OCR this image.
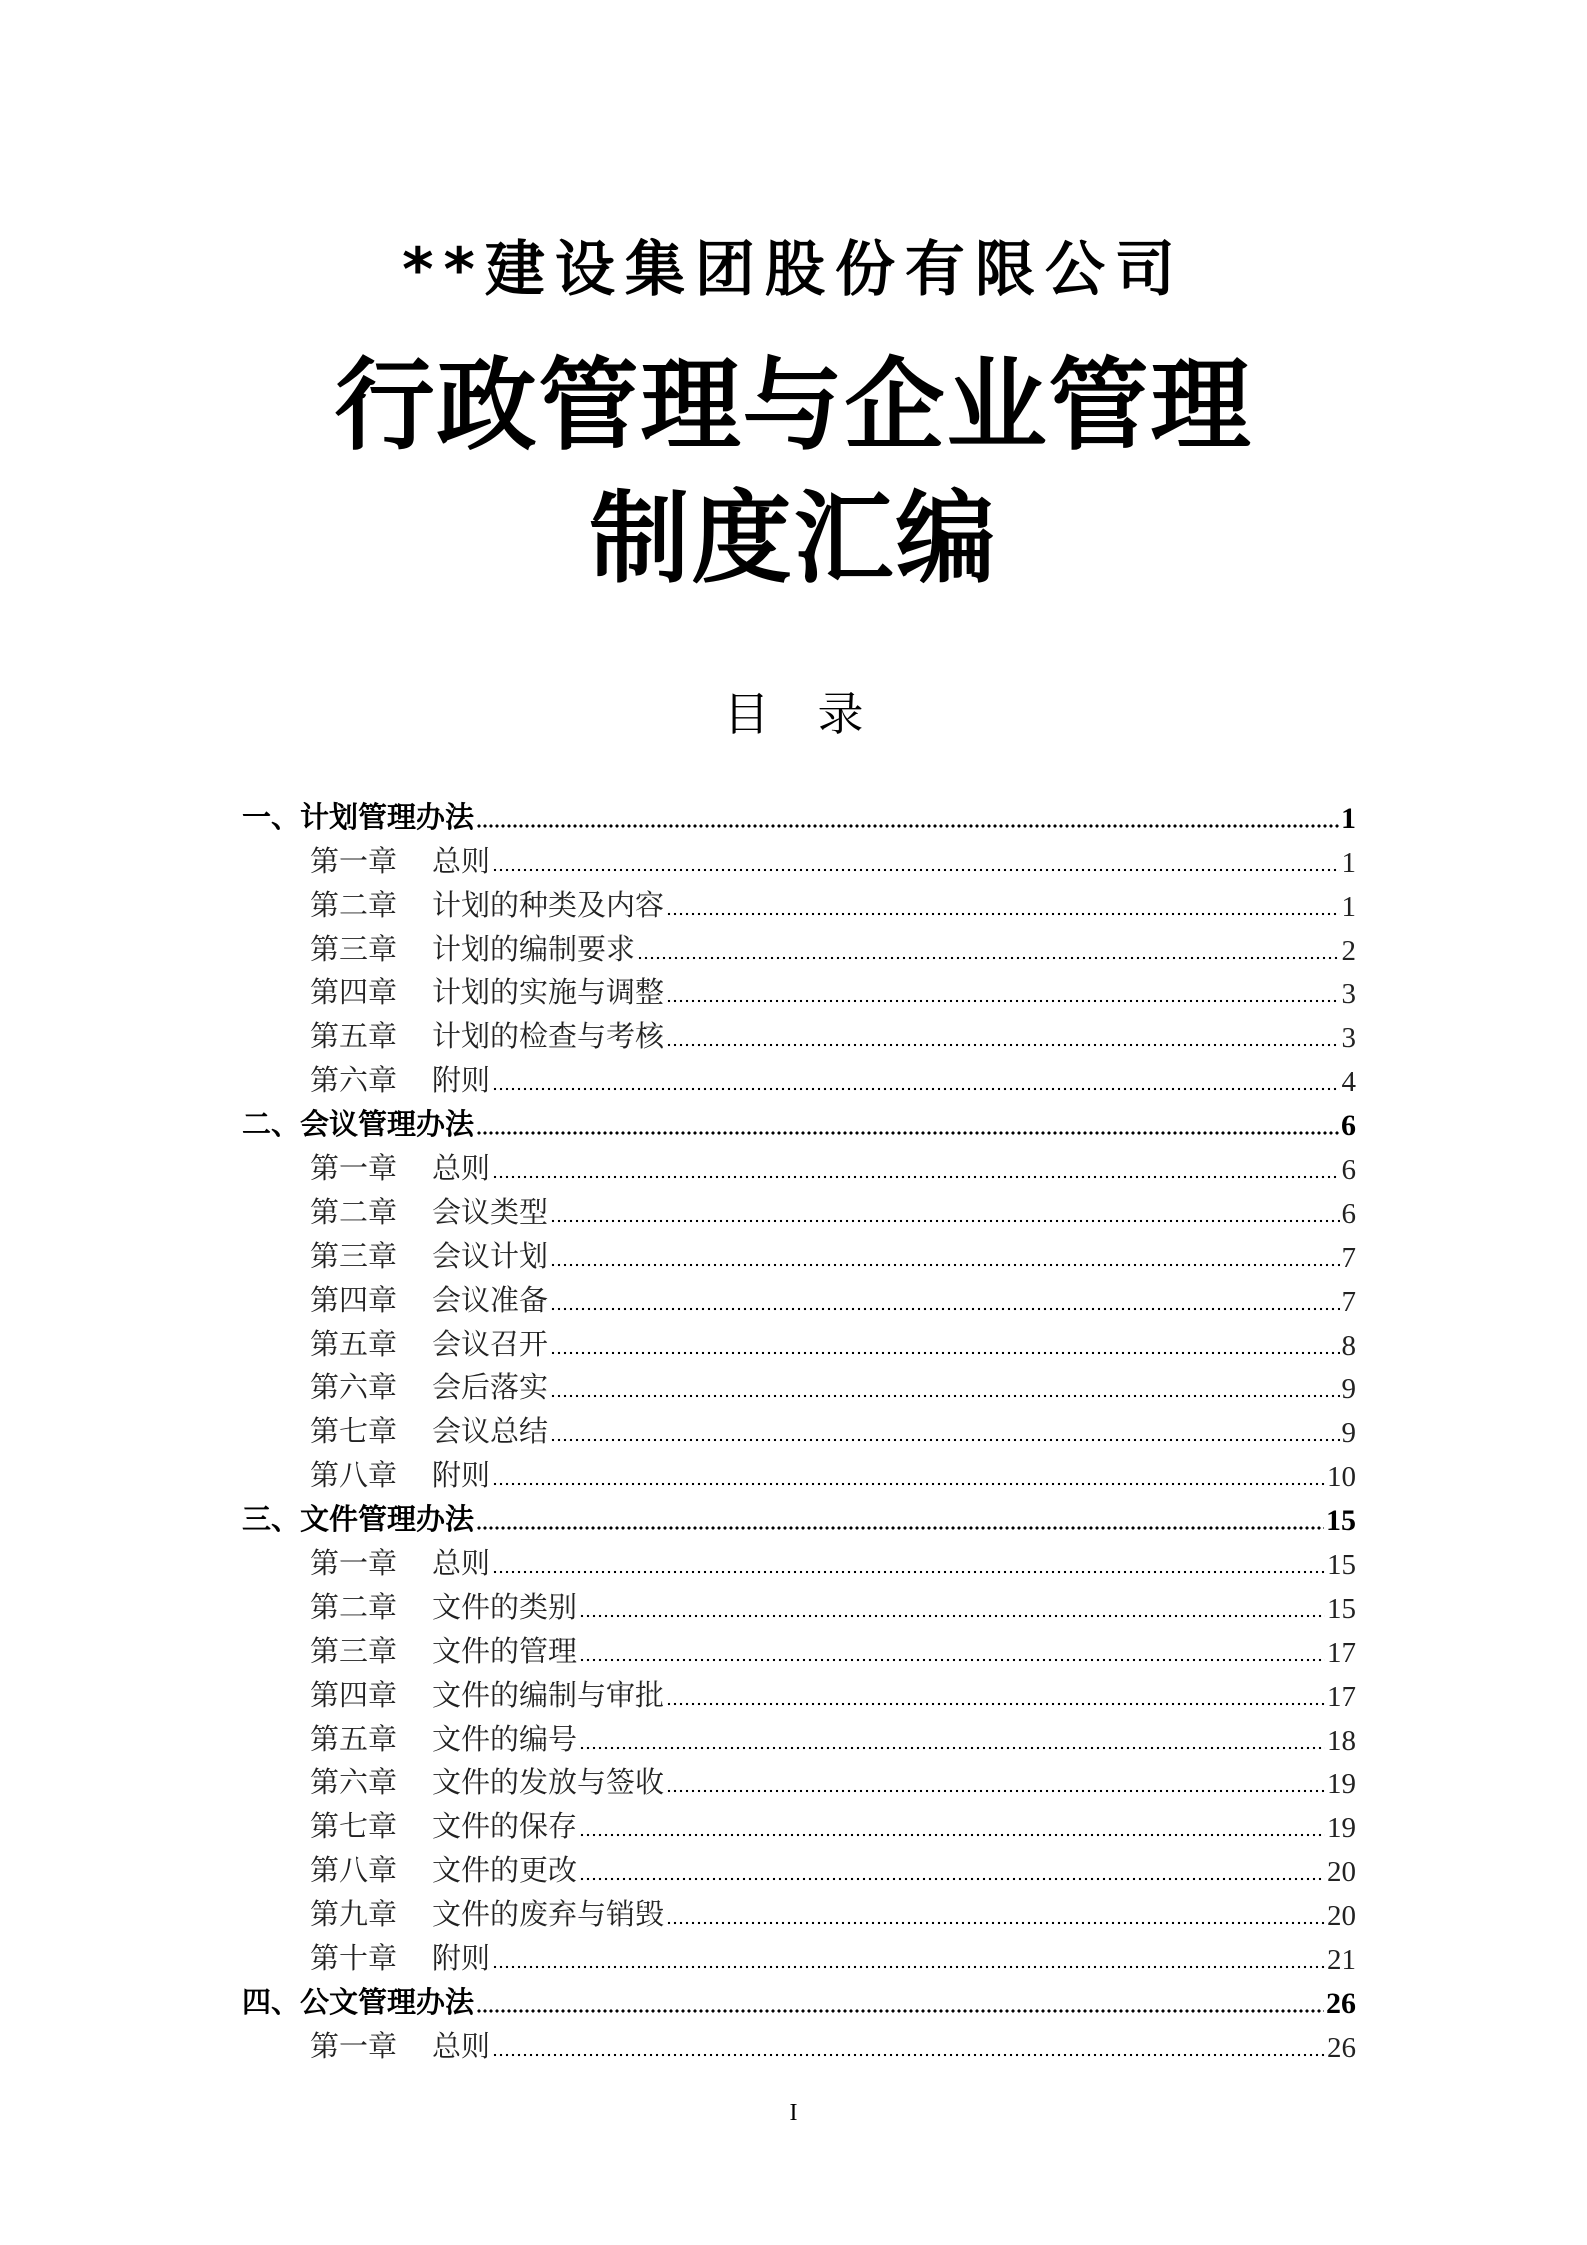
**建设集团股份有限公司
行政管理与企业管理
制度汇编
目录
一、计划管理办法	1
第一章 总则	1
第二章 计划的种类及内容	1
第三章 计划的编制要求	2
第四章 计划的实施与调整	3
第五章 计划的检查与考核	3
第六章 附则	4
二、会议管理办法	6
第一章 总则	6
第二章 会议类型	6
第三章 会议计划	7
第四章 会议准备	7
第五章 会议召开	8
第六章 会后落实	9
第七章 会议总结	9
第八章 附则	10
三、文件管理办法	15
第一章 总则	15
第二章 文件的类别	15
第三章 文件的管理	17
第四章 文件的编制与审批	17
第五章 文件的编号	18
第六章 文件的发放与签收	19
第七章 文件的保存	19
第八章 文件的更改	20
第九章 文件的废弃与销毁	20
第十章 附则	21
四、公文管理办法	26
第一章 总则	26
I
